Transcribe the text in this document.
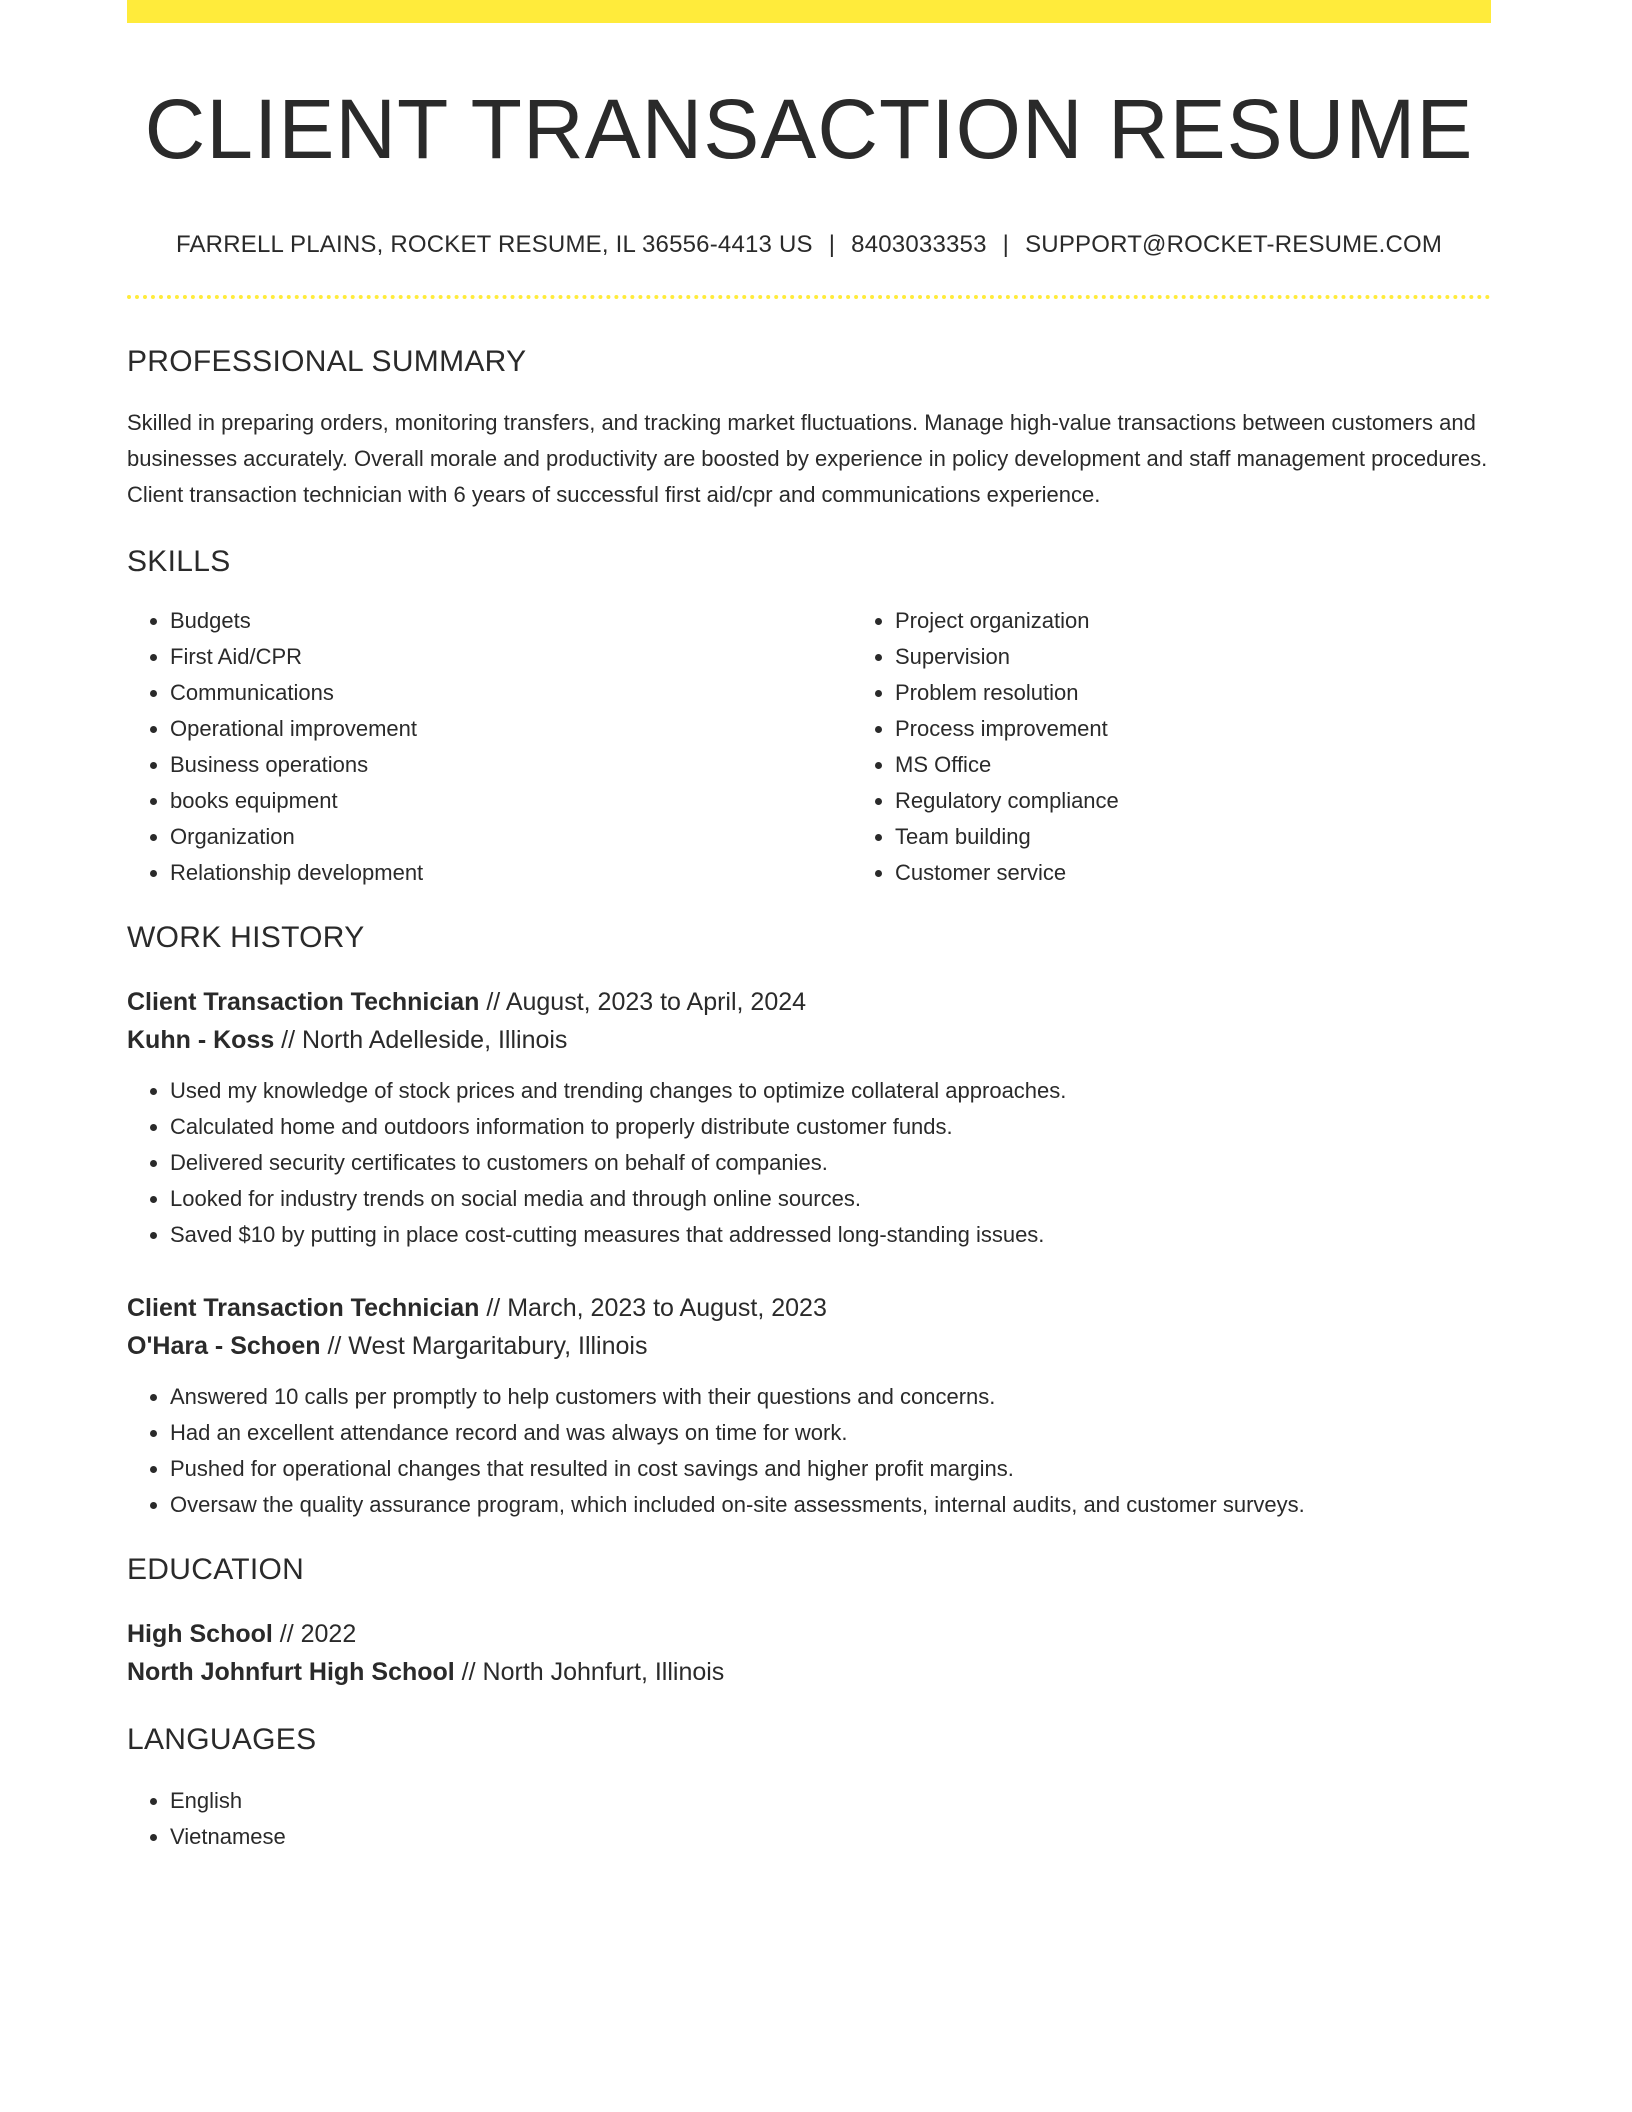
CLIENT TRANSACTION RESUME
FARRELL PLAINS, ROCKET RESUME, IL 36556-4413 US | 8403033353 | SUPPORT@ROCKET-RESUME.COM
PROFESSIONAL SUMMARY

Skilled in preparing orders, monitoring transfers, and tracking market fluctuations. Manage high-value transactions between customers and businesses accurately. Overall morale and productivity are boosted by experience in policy development and staff management procedures. Client transaction technician with 6 years of successful first aid/cpr and communications experience.

SKILLS
• Budgets
• First Aid/CPR
• Communications
• Operational improvement
• Business operations
• books equipment
• Organization
• Relationship development
• Project organization
• Supervision
• Problem resolution
• Process improvement
• MS Office
• Regulatory compliance
• Team building
• Customer service
WORK HISTORY
Client Transaction Technician // August, 2023 to April, 2024
Kuhn - Koss // North Adelleside, Illinois
• Used my knowledge of stock prices and trending changes to optimize collateral approaches.
• Calculated home and outdoors information to properly distribute customer funds.
• Delivered security certificates to customers on behalf of companies.
• Looked for industry trends on social media and through online sources.
• Saved $10 by putting in place cost-cutting measures that addressed long-standing issues.
Client Transaction Technician // March, 2023 to August, 2023
O'Hara - Schoen // West Margaritabury, Illinois
• Answered 10 calls per promptly to help customers with their questions and concerns.
• Had an excellent attendance record and was always on time for work.
• Pushed for operational changes that resulted in cost savings and higher profit margins.
• Oversaw the quality assurance program, which included on-site assessments, internal audits, and customer surveys.
EDUCATION
High School // 2022
North Johnfurt High School // North Johnfurt, Illinois
LANGUAGES
• English
• Vietnamese
